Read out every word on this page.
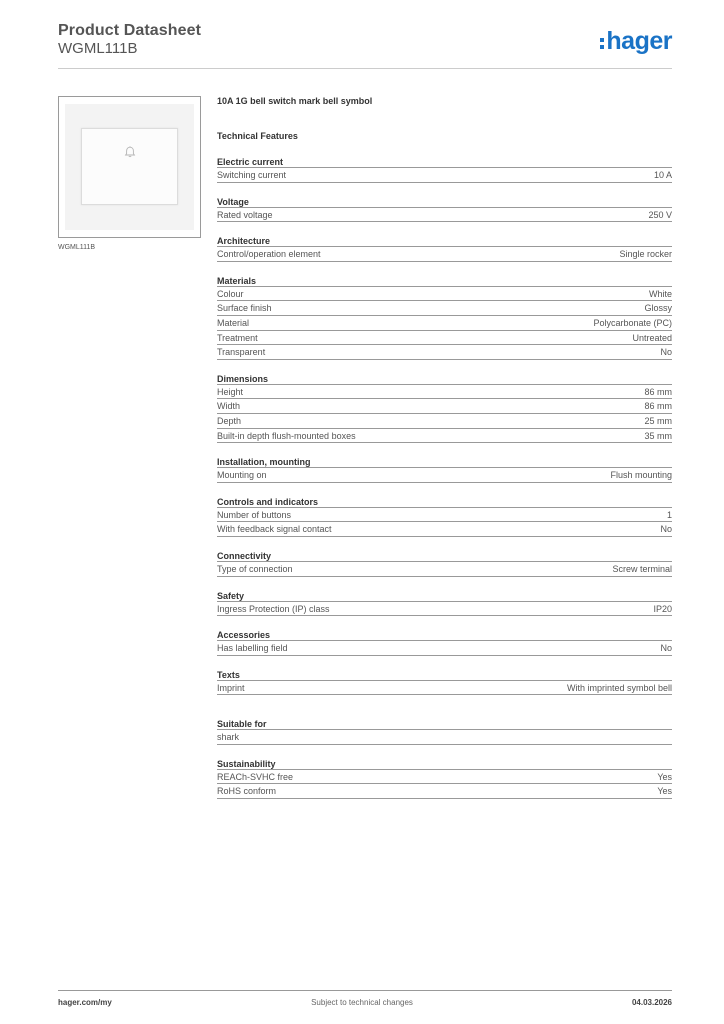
Product Datasheet
WGML111B	hager
WGML111B
10A 1G bell switch mark bell symbol
Technical Features
Electric current
Switching current	10 A
Voltage
Rated voltage	250 V
Architecture
Control/operation element	Single rocker
Materials
Colour	White
Surface finish	Glossy
Material	Polycarbonate (PC)
Treatment	Untreated
Transparent	No
Dimensions
Height	86 mm
Width	86 mm
Depth	25 mm
Built-in depth flush-mounted boxes	35 mm
Installation, mounting
Mounting on	Flush mounting
Controls and indicators
Number of buttons	1
With feedback signal contact	No
Connectivity
Type of connection	Screw terminal
Safety
Ingress Protection (IP) class	IP20
Accessories
Has labelling field	No
Texts
Imprint	With imprinted symbol bell
Suitable for
shark
Sustainability
REACh-SVHC free	Yes
RoHS conform	Yes
hager.com/my	Subject to technical changes	04.03.2026
